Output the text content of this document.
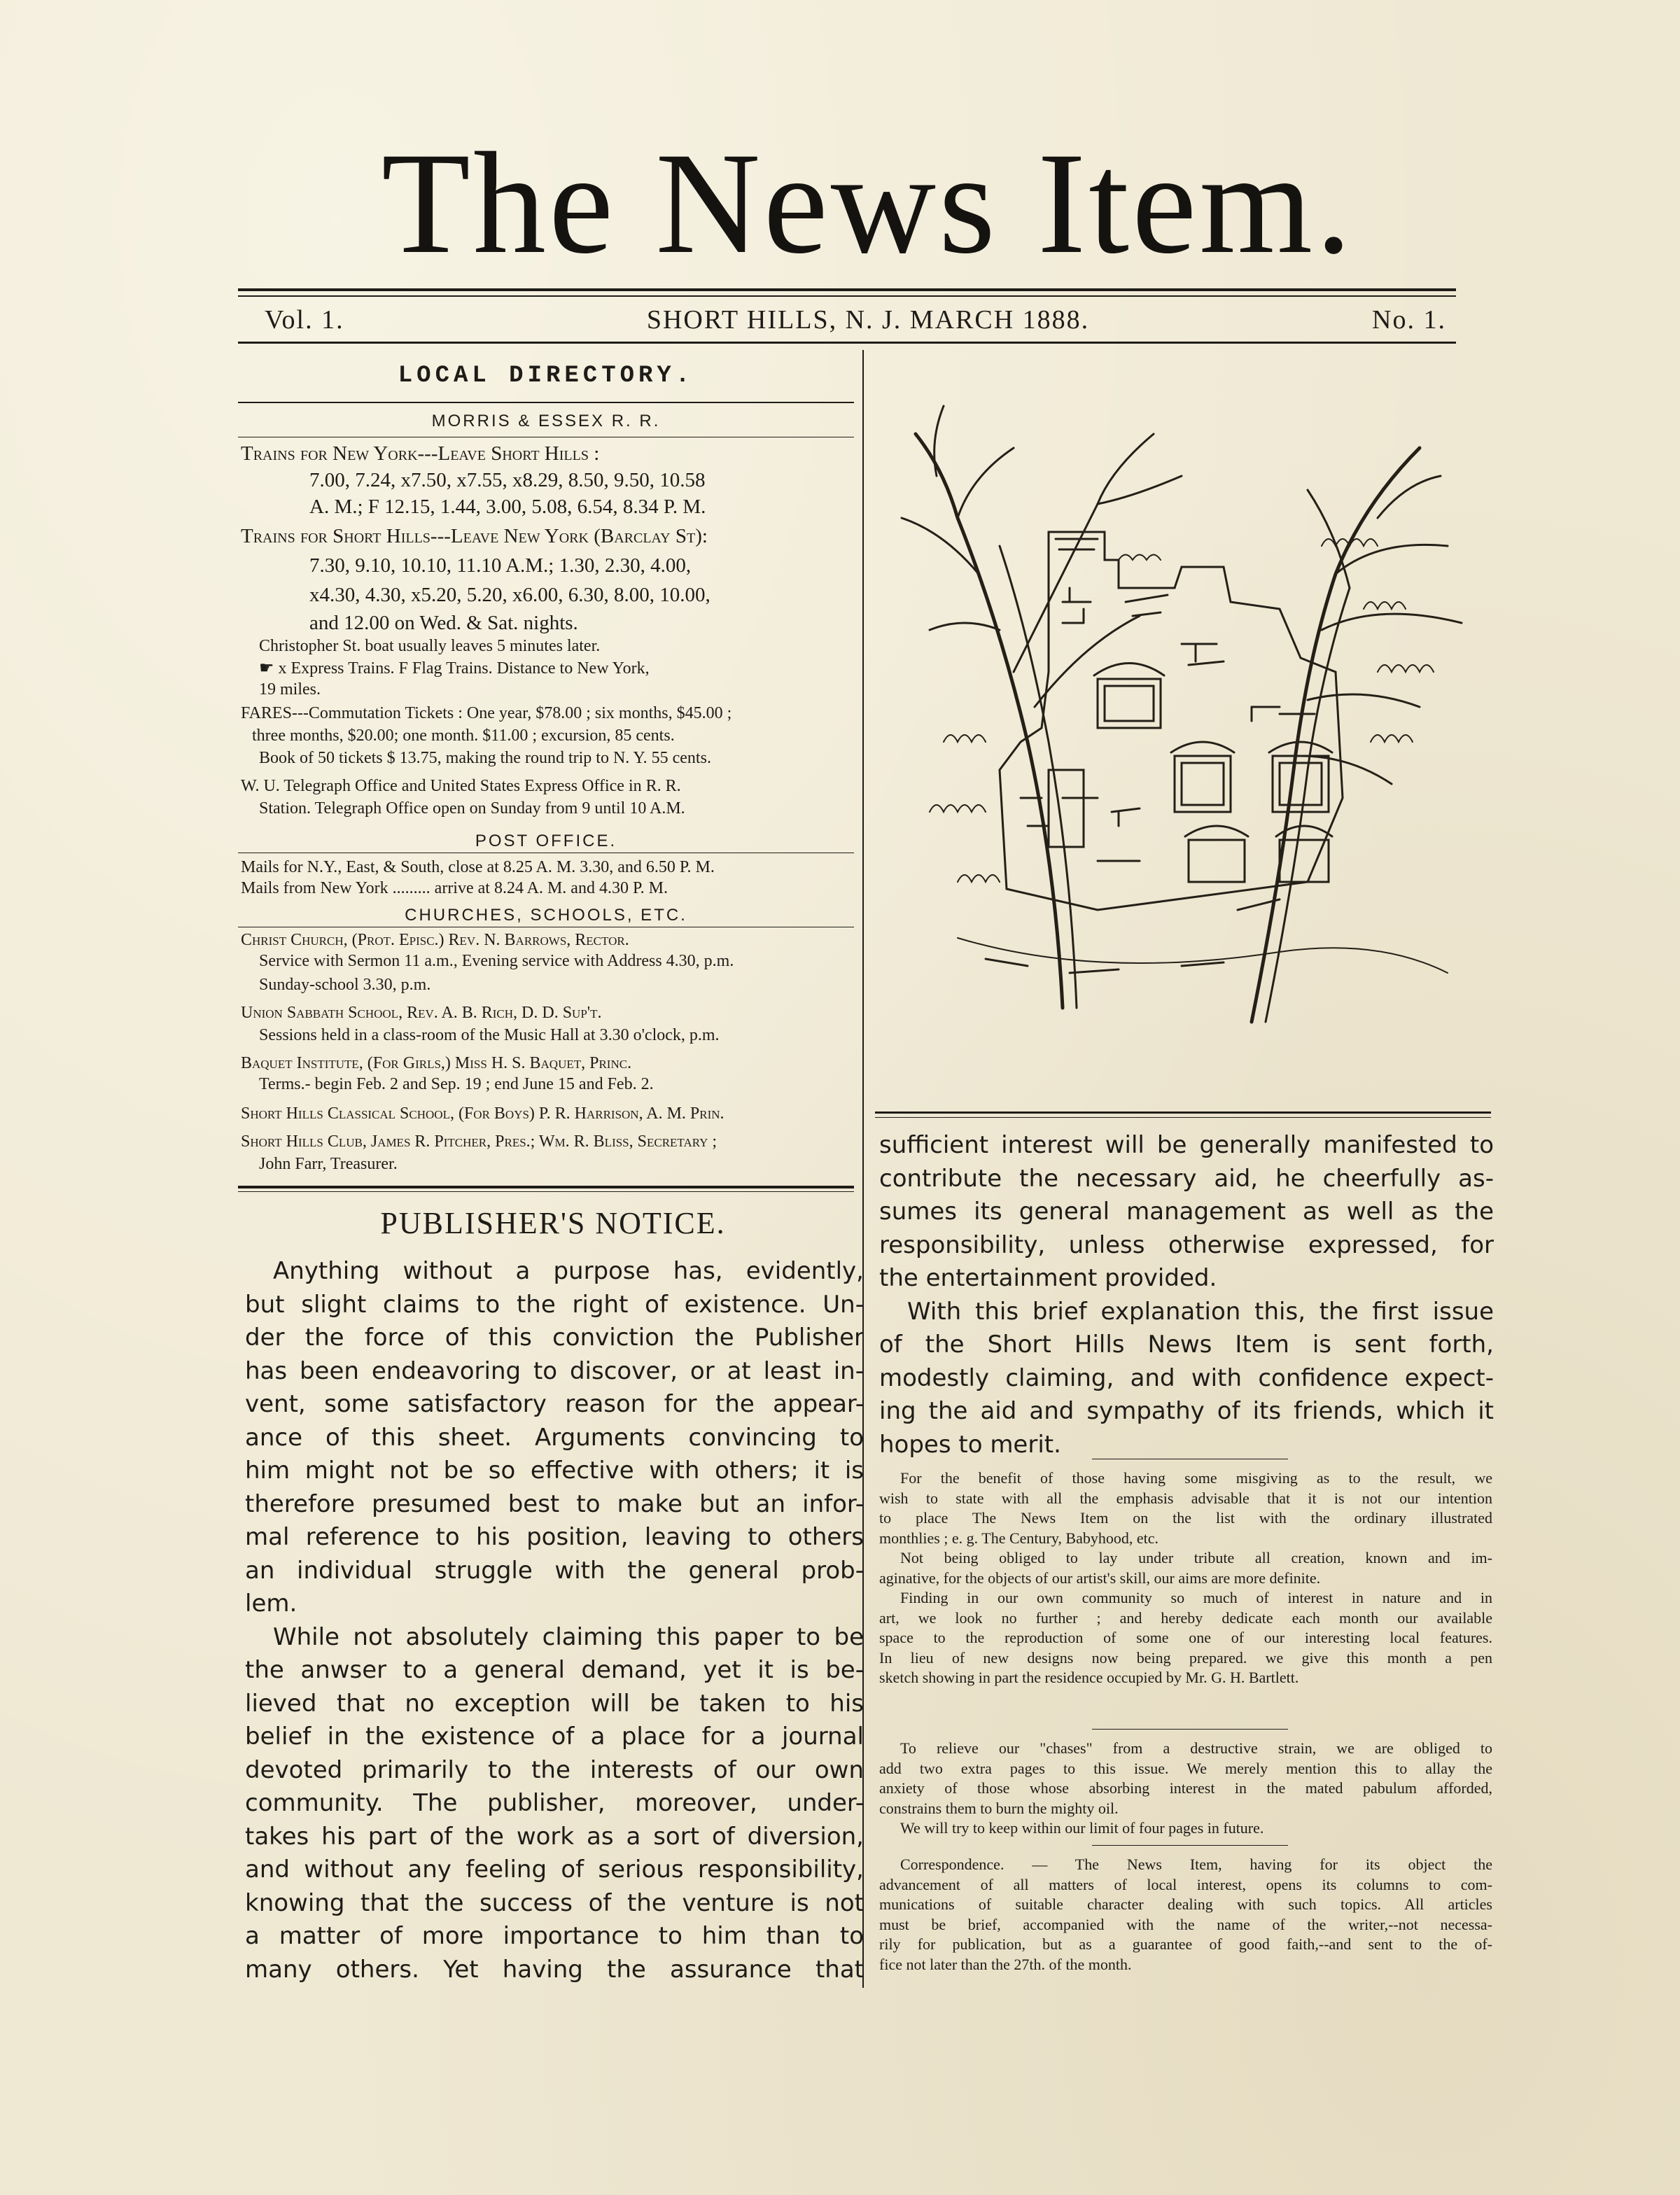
The News Item.
Vol. 1.	SHORT HILLS, N. J. MARCH 1888.	No. 1.
LOCAL DIRECTORY.
MORRIS & ESSEX R. R.
Trains for New York---Leave Short Hills :
7.00, 7.24, x7.50, x7.55, x8.29, 8.50, 9.50, 10.58
A. M.; F 12.15, 1.44, 3.00, 5.08, 6.54, 8.34 P. M.
Trains for Short Hills---Leave New York (Barclay St):
7.30, 9.10, 10.10, 11.10 A.M.; 1.30, 2.30, 4.00,
x4.30, 4.30, x5.20, 5.20, x6.00, 6.30, 8.00, 10.00,
and 12.00 on Wed. & Sat. nights.
Christopher St. boat usually leaves 5 minutes later.
☛ x Express Trains. F Flag Trains. Distance to New York,
19 miles.
FARES---Commutation Tickets : One year, $78.00 ; six months, $45.00 ;
three months, $20.00; one month. $11.00 ; excursion, 85 cents.
Book of 50 tickets $ 13.75, making the round trip to N. Y. 55 cents.
W. U. Telegraph Office and United States Express Office in R. R.
Station. Telegraph Office open on Sunday from 9 until 10 A.M.
POST OFFICE.
Mails for N.Y., East, & South, close at 8.25 A. M. 3.30, and 6.50 P. M.
Mails from New York ......... arrive at 8.24 A. M. and 4.30 P. M.
CHURCHES, SCHOOLS, ETC.
Christ Church, (Prot. Episc.) Rev. N. Barrows, Rector.
Service with Sermon 11 a.m., Evening service with Address 4.30, p.m.
Sunday-school 3.30, p.m.
Union Sabbath School, Rev. A. B. Rich, D. D. Sup't.
Sessions held in a class-room of the Music Hall at 3.30 o'clock, p.m.
Baquet Institute, (For Girls,) Miss H. S. Baquet, Princ.
Terms.- begin Feb. 2 and Sep. 19 ; end June 15 and Feb. 2.
Short Hills Classical School, (For Boys) P. R. Harrison, A. M. Prin.
Short Hills Club, James R. Pitcher, Pres.; Wm. R. Bliss, Secretary ;
John Farr, Treasurer.
PUBLISHER'S NOTICE.
Anything without a purpose has, evidently,
but slight claims to the right of existence. Un-
der the force of this conviction the Publisher
has been endeavoring to discover, or at least in-
vent, some satisfactory reason for the appear-
ance of this sheet. Arguments convincing to
him might not be so effective with others; it is
therefore presumed best to make but an infor-
mal reference to his position, leaving to others
an individual struggle with the general prob-
lem.
While not absolutely claiming this paper to be
the anwser to a general demand, yet it is be-
lieved that no exception will be taken to his
belief in the existence of a place for a journal
devoted primarily to the interests of our own
community. The publisher, moreover, under-
takes his part of the work as a sort of diversion,
and without any feeling of serious responsibility,
knowing that the success of the venture is not
a matter of more importance to him than to
many others. Yet having the assurance that
sufficient interest will be generally manifested to
contribute the necessary aid, he cheerfully as-
sumes its general management as well as the
responsibility, unless otherwise expressed, for
the entertainment provided.
With this brief explanation this, the first issue
of the Short Hills News Item is sent forth,
modestly claiming, and with confidence expect-
ing the aid and sympathy of its friends, which it
hopes to merit.
For the benefit of those having some misgiving as to the result, we
wish to state with all the emphasis advisable that it is not our intention
to place The News Item on the list with the ordinary illustrated
monthlies ; e. g. The Century, Babyhood, etc.
Not being obliged to lay under tribute all creation, known and im-
aginative, for the objects of our artist's skill, our aims are more definite.
Finding in our own community so much of interest in nature and in
art, we look no further ; and hereby dedicate each month our available
space to the reproduction of some one of our interesting local features.
In lieu of new designs now being prepared. we give this month a pen
sketch showing in part the residence occupied by Mr. G. H. Bartlett.
To relieve our "chases" from a destructive strain, we are obliged to
add two extra pages to this issue. We merely mention this to allay the
anxiety of those whose absorbing interest in the mated pabulum afforded,
constrains them to burn the mighty oil.
We will try to keep within our limit of four pages in future.
Correspondence. — The News Item, having for its object the
advancement of all matters of local interest, opens its columns to com-
munications of suitable character dealing with such topics. All articles
must be brief, accompanied with the name of the writer,--not necessa-
rily for publication, but as a guarantee of good faith,--and sent to the of-
fice not later than the 27th. of the month.
